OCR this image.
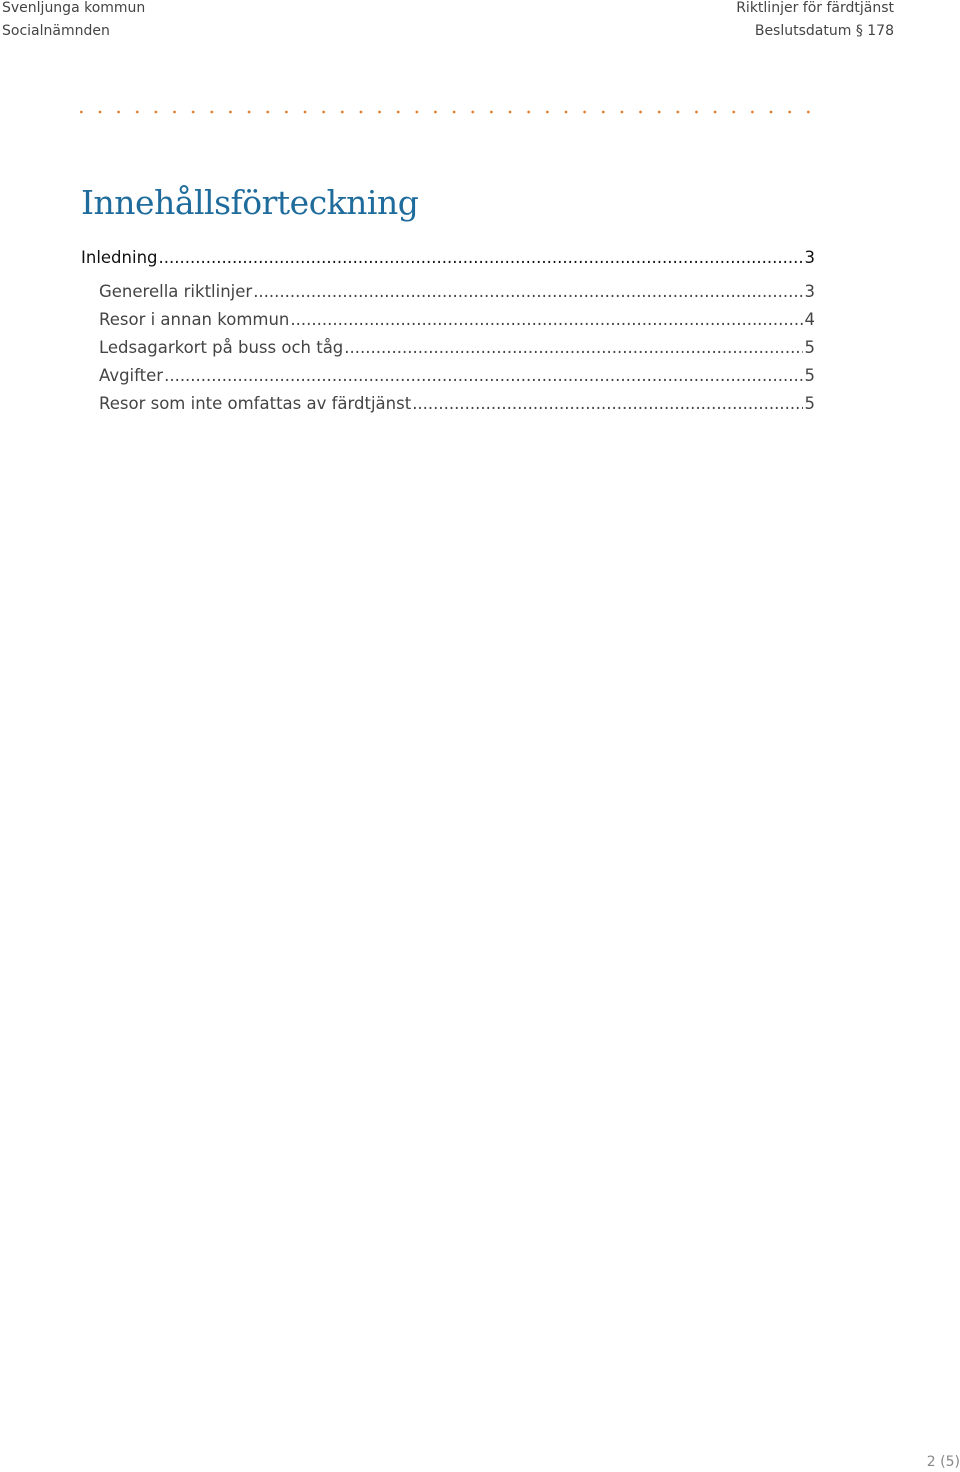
Svenljunga kommun
Socialnämnden
Riktlinjer för färdtjänst
Beslutsdatum § 178
Innehållsförteckning
Inledning .....	3
Generella riktlinjer .....	3
Resor i annan kommun .....	4
Ledsagarkort på buss och tåg .....	5
Avgifter .....	5
Resor som inte omfattas av färdtjänst .....	5
2 (5)
